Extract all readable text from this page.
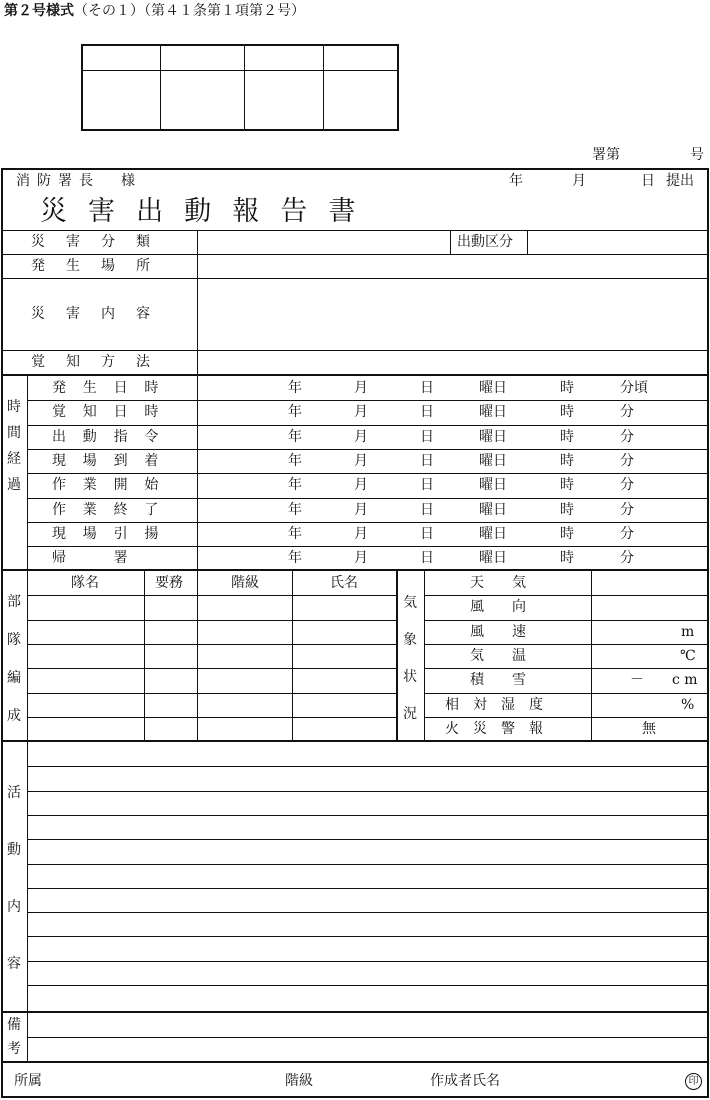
第２号様式（その１）（第４１条第１項第２号）
署第　　　　　号
消防署長　様	年	月	日 提出
災害出動報告書
災害分類	出動区分
発生場所
災害内容
覚知方法
発生日時	年	月	日	曜日	時	分頃
覚知日時	年	月	日	曜日	時	分
出動指令	年	月	日	曜日	時	分
現場到着	年	月	日	曜日	時	分
作業開始	年	月	日	曜日	時	分
作業終了	年	月	日	曜日	時	分
現場引揚	年	月	日	曜日	時	分
帰　署	年	月	日	曜日	時	分
時
間
経
過
隊名	要務	階級	氏名
部
隊
編
成
天　　気
風　　向
風　　速	m
気　　温	℃
積　　雪	－　　c m
相　対　湿　度	%
火　災　警　報	無
気
象
状
況
活
動
内
容
備
考
所属	階級	作成者氏名	印
